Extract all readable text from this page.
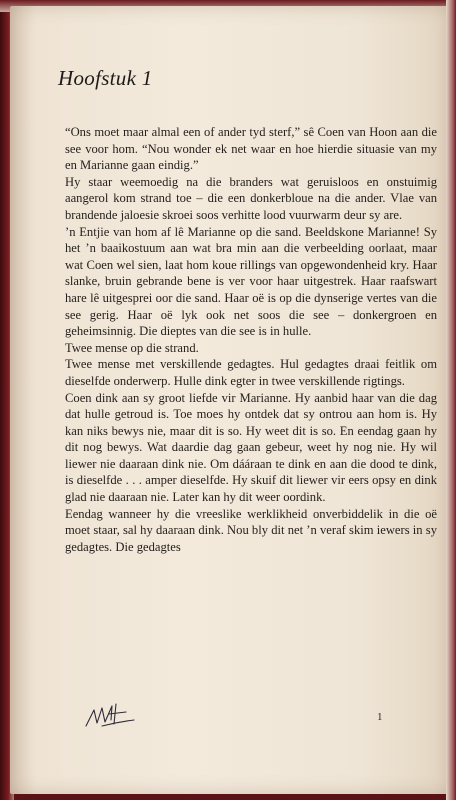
Hoofstuk 1

“Ons moet maar almal een of ander tyd sterf,” sê Coen van Hoon aan die see voor hom. “Nou wonder ek net waar en hoe hierdie situasie van my en Marianne gaan eindig.”

Hy staar weemoedig na die branders wat geruisloos en onstuimig aangerol kom strand toe – die een donkerbloue na die ander. Vlae van brandende jaloesie skroei soos verhitte lood vuurwarm deur sy are.

’n Entjie van hom af lê Marianne op die sand. Beeldskone Marianne! Sy het ’n baaikostuum aan wat bra min aan die verbeelding oorlaat, maar wat Coen wel sien, laat hom koue rillings van opgewondenheid kry. Haar slanke, bruin gebrande bene is ver voor haar uitgestrek. Haar raafswart hare lê uitgesprei oor die sand. Haar oë is op die dynserige vertes van die see gerig. Haar oë lyk ook net soos die see – donkergroen en geheimsinnig. Die dieptes van die see is in hulle.

Twee mense op die strand.

Twee mense met verskillende gedagtes. Hul gedagtes draai feitlik om dieselfde onderwerp. Hulle dink egter in twee verskillende rigtings.

Coen dink aan sy groot liefde vir Marianne. Hy aanbid haar van die dag dat hulle getroud is. Toe moes hy ontdek dat sy ontrou aan hom is. Hy kan niks bewys nie, maar dit is so. Hy weet dit is so. En eendag gaan hy dit nog bewys. Wat daardie dag gaan gebeur, weet hy nog nie. Hy wil liewer nie daaraan dink nie. Om dááraan te dink en aan die dood te dink, is dieselfde . . . amper dieselfde. Hy skuif dit liewer vir eers opsy en dink glad nie daaraan nie. Later kan hy dit weer oordink.

Eendag wanneer hy die vreeslike werklikheid onverbiddelik in die oë moet staar, sal hy daaraan dink. Nou bly dit net ’n veraf skim iewers in sy gedagtes. Die gedagtes

1
